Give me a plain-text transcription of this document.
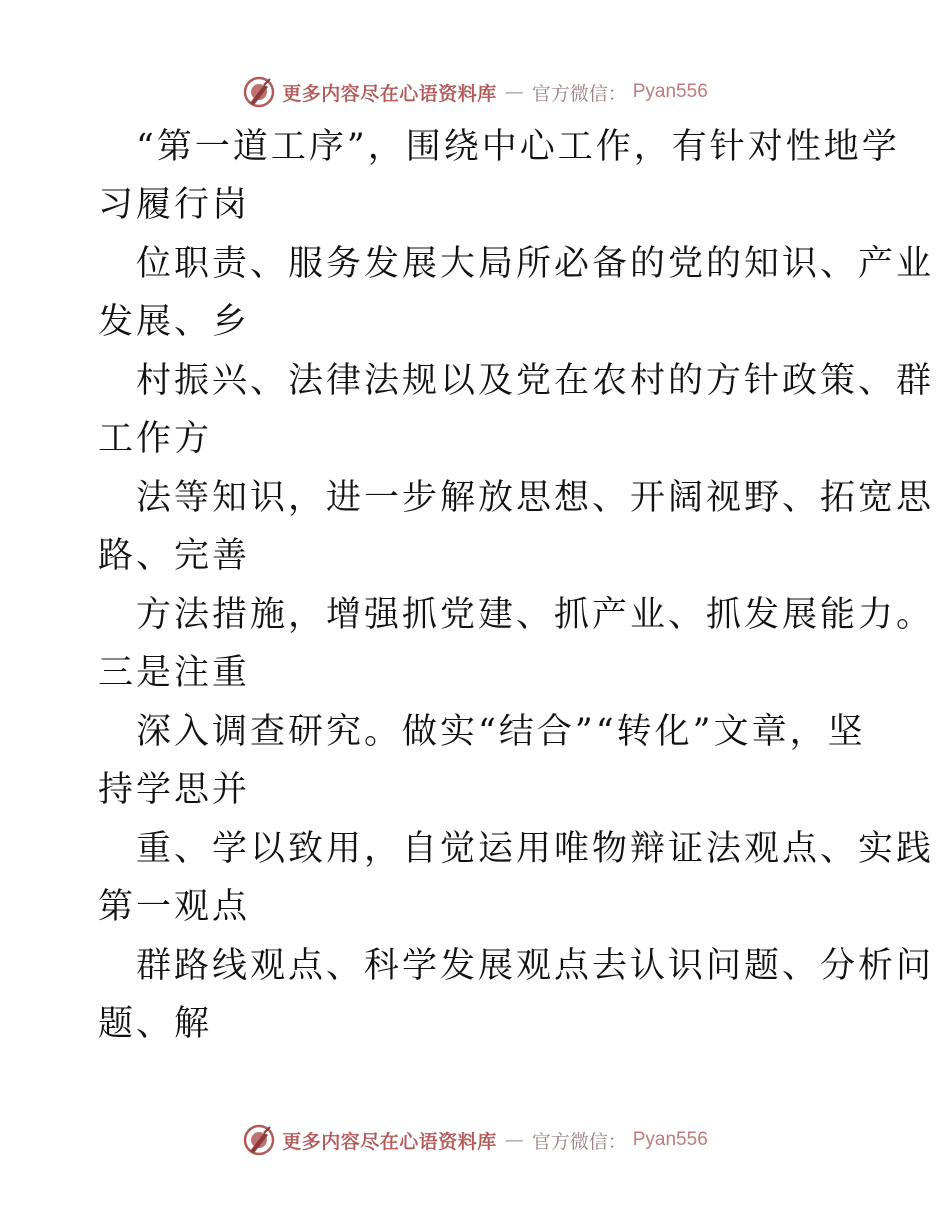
更多内容尽在心语资料库 — 官方微信： Pyan556
“第一道工序”，围绕中心工作，有针对性地学
习履行岗
位职责、服务发展大局所必备的党的知识、产业
发展、乡
村振兴、法律法规以及党在农村的方针政策、群
工作方
法等知识，进一步解放思想、开阔视野、拓宽思
路、完善
方法措施，增强抓党建、抓产业、抓发展能力。
三是注重
深入调查研究。做实“结合”“转化”文章，坚
持学思并
重、学以致用，自觉运用唯物辩证法观点、实践
第一观点
群路线观点、科学发展观点去认识问题、分析问
题、解
更多内容尽在心语资料库 — 官方微信： Pyan556
